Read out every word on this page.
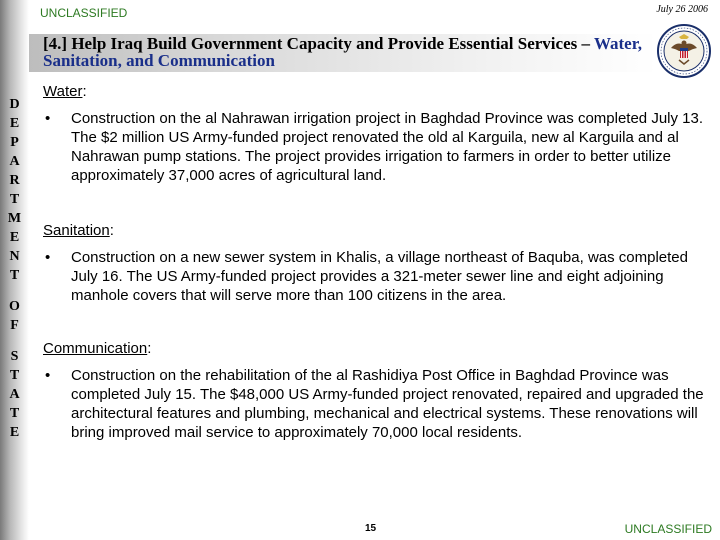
D
E
P
A
R
T
M
E
N
T
O
F
S
T
A
T
E
UNCLASSIFIED	July 26 2006
[4.] Help Iraq Build Government Capacity and Provide Essential Services – Water, Sanitation, and Communication
Water:
• Construction on the al Nahrawan irrigation project in Baghdad Province was completed July 13. The $2 million US Army-funded project renovated the old al Karguila, new al Karguila and al Nahrawan pump stations. The project provides irrigation to farmers in order to better utilize approximately 37,000 acres of agricultural land.
Sanitation:
• Construction on a new sewer system in Khalis, a village northeast of Baquba, was completed July 16. The US Army-funded project provides a 321-meter sewer line and eight adjoining manhole covers that will serve more than 100 citizens in the area.
Communication:
• Construction on the rehabilitation of the al Rashidiya Post Office in Baghdad Province was completed July 15. The $48,000 US Army-funded project renovated, repaired and upgraded the architectural features and plumbing, mechanical and electrical systems. These renovations will bring improved mail service to approximately 70,000 local residents.
15	UNCLASSIFIED
